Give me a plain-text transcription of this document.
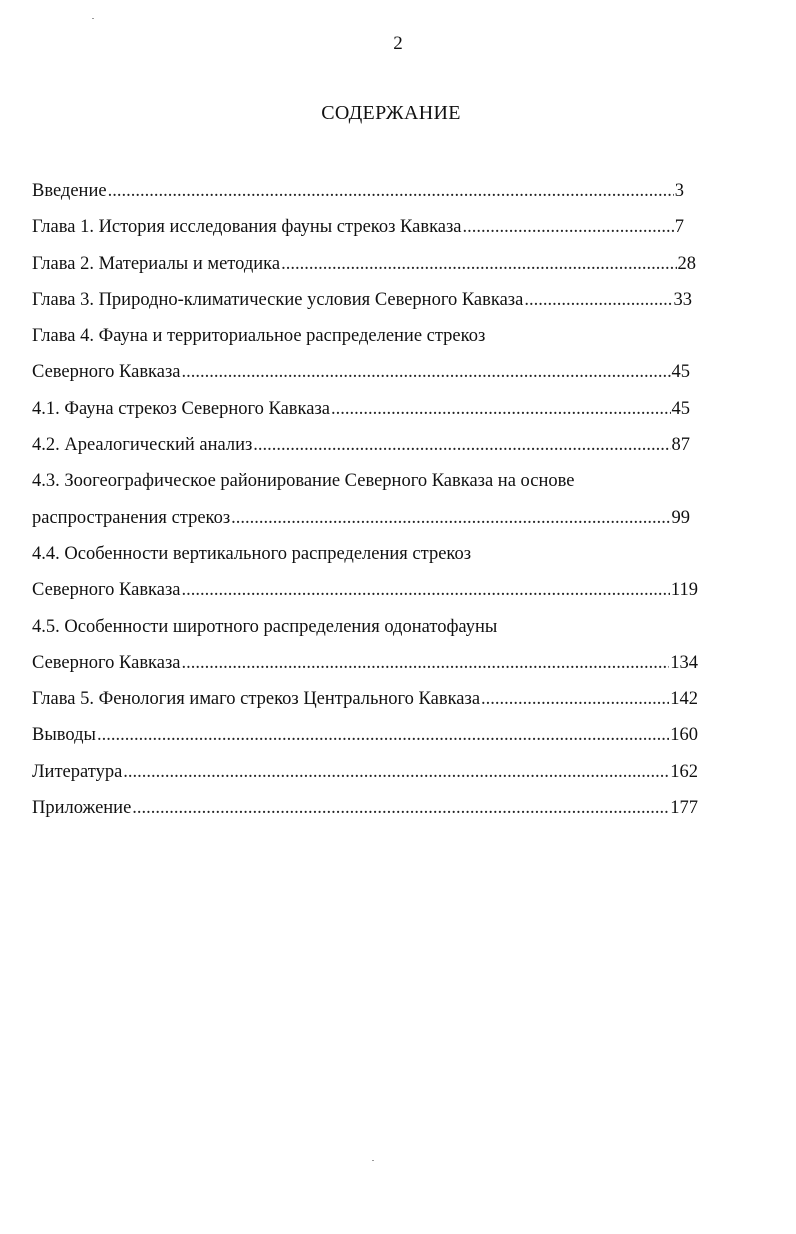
2
СОДЕРЖАНИЕ
Введение .....	3
Глава 1. История исследования фауны стрекоз Кавказа .....	7
Глава 2. Материалы и методика .....	28
Глава 3. Природно-климатические условия Северного Кавказа .....	33
Глава 4. Фауна и территориальное распределение стрекоз
Северного Кавказа .....	45
4.1. Фауна стрекоз Северного Кавказа .....	45
4.2. Ареалогический анализ .....	87
4.3. Зоогеографическое районирование Северного Кавказа на основе
распространения стрекоз .....	99
4.4. Особенности вертикального распределения стрекоз
Северного Кавказа .....	119
4.5. Особенности широтного распределения одонатофауны
Северного Кавказа .....	134
Глава 5. Фенология имаго стрекоз Центрального Кавказа .....	142
Выводы .....	160
Литература .....	162
Приложение .....	177
